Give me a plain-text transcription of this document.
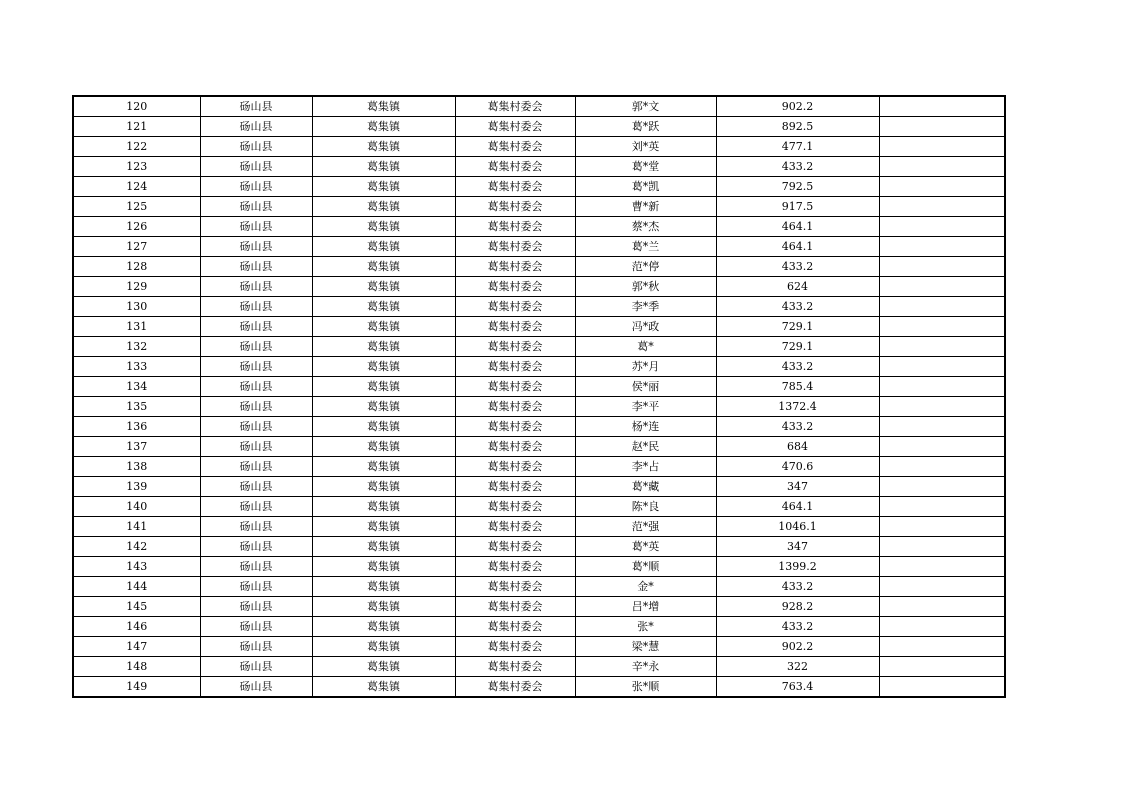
120	砀山县	葛集镇	葛集村委会	郭*文	902.2	
121	砀山县	葛集镇	葛集村委会	葛*跃	892.5	
122	砀山县	葛集镇	葛集村委会	刘*英	477.1	
123	砀山县	葛集镇	葛集村委会	葛*堂	433.2	
124	砀山县	葛集镇	葛集村委会	葛*凯	792.5	
125	砀山县	葛集镇	葛集村委会	曹*新	917.5	
126	砀山县	葛集镇	葛集村委会	蔡*杰	464.1	
127	砀山县	葛集镇	葛集村委会	葛*兰	464.1	
128	砀山县	葛集镇	葛集村委会	范*停	433.2	
129	砀山县	葛集镇	葛集村委会	郭*秋	624	
130	砀山县	葛集镇	葛集村委会	李*季	433.2	
131	砀山县	葛集镇	葛集村委会	冯*政	729.1	
132	砀山县	葛集镇	葛集村委会	葛*	729.1	
133	砀山县	葛集镇	葛集村委会	苏*月	433.2	
134	砀山县	葛集镇	葛集村委会	侯*丽	785.4	
135	砀山县	葛集镇	葛集村委会	李*平	1372.4	
136	砀山县	葛集镇	葛集村委会	杨*连	433.2	
137	砀山县	葛集镇	葛集村委会	赵*民	684	
138	砀山县	葛集镇	葛集村委会	李*占	470.6	
139	砀山县	葛集镇	葛集村委会	葛*藏	347	
140	砀山县	葛集镇	葛集村委会	陈*良	464.1	
141	砀山县	葛集镇	葛集村委会	范*强	1046.1	
142	砀山县	葛集镇	葛集村委会	葛*英	347	
143	砀山县	葛集镇	葛集村委会	葛*顺	1399.2	
144	砀山县	葛集镇	葛集村委会	金*	433.2	
145	砀山县	葛集镇	葛集村委会	吕*增	928.2	
146	砀山县	葛集镇	葛集村委会	张*	433.2	
147	砀山县	葛集镇	葛集村委会	梁*慧	902.2	
148	砀山县	葛集镇	葛集村委会	辛*永	322	
149	砀山县	葛集镇	葛集村委会	张*顺	763.4	
